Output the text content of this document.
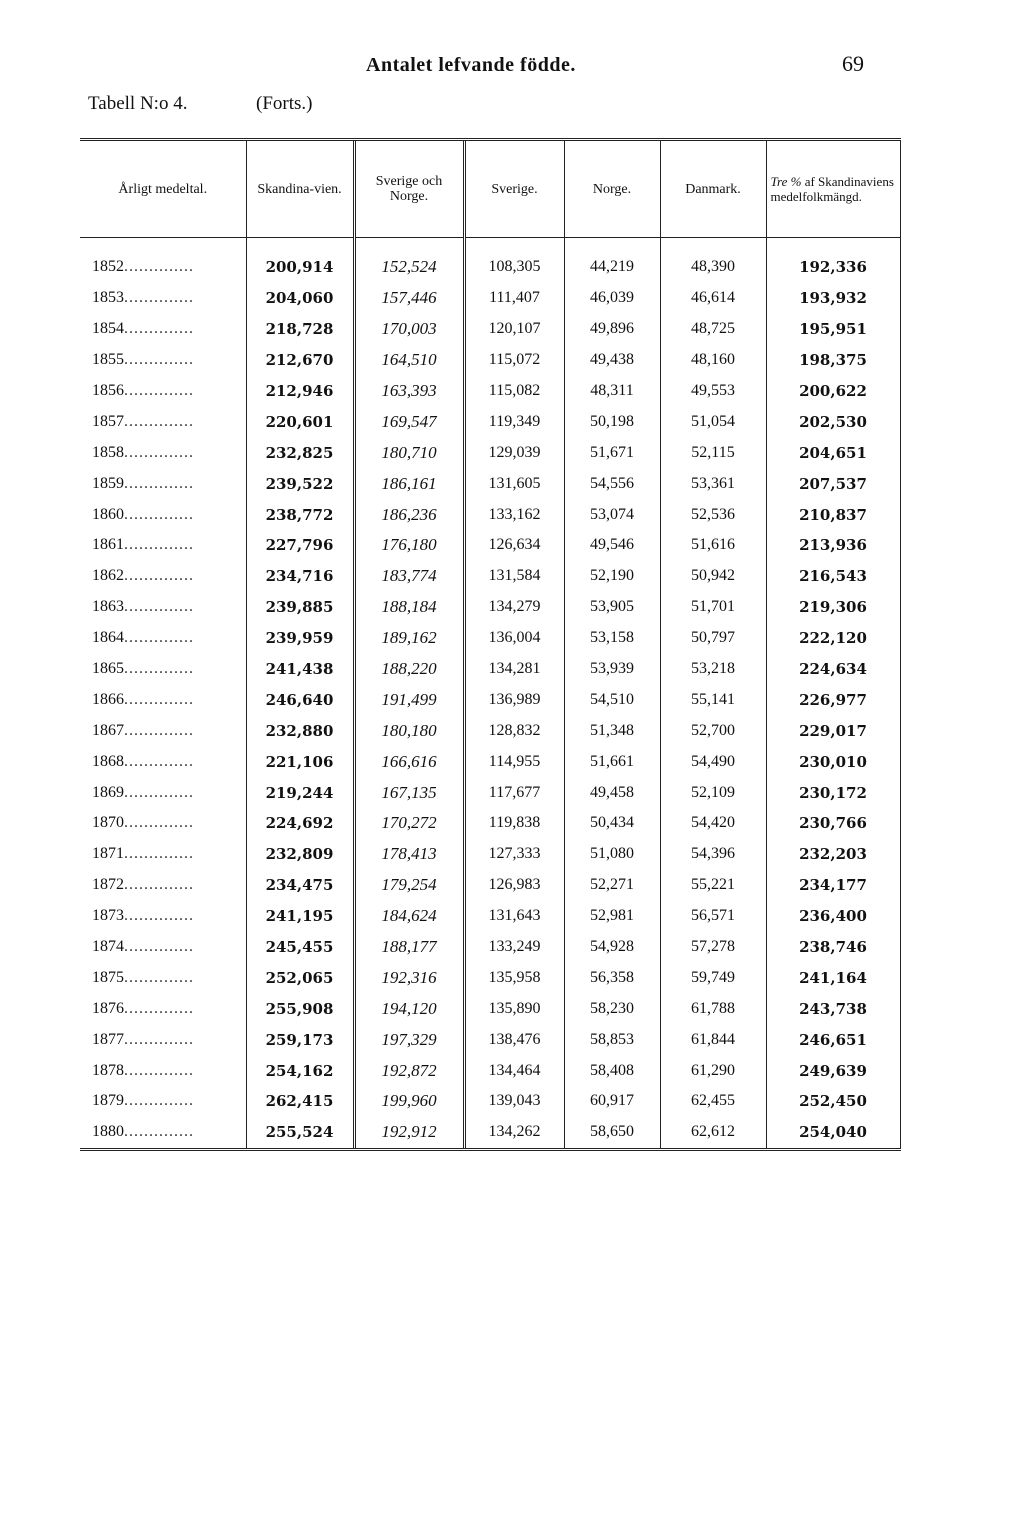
Antalet lefvande födde.	69
Tabell N:o 4.	(Forts.)
Årligt medeltal.	Skandina-vien.	Sverige och Norge.	Sverige.	Norge.	Danmark.	Tre % af Skandinaviens medelfolkmängd.

1852..............	200,914	152,524	108,305	44,219	48,390	192,336
1853..............	204,060	157,446	111,407	46,039	46,614	193,932
1854..............	218,728	170,003	120,107	49,896	48,725	195,951
1855..............	212,670	164,510	115,072	49,438	48,160	198,375
1856..............	212,946	163,393	115,082	48,311	49,553	200,622
1857..............	220,601	169,547	119,349	50,198	51,054	202,530
1858..............	232,825	180,710	129,039	51,671	52,115	204,651
1859..............	239,522	186,161	131,605	54,556	53,361	207,537
1860..............	238,772	186,236	133,162	53,074	52,536	210,837
1861..............	227,796	176,180	126,634	49,546	51,616	213,936
1862..............	234,716	183,774	131,584	52,190	50,942	216,543
1863..............	239,885	188,184	134,279	53,905	51,701	219,306
1864..............	239,959	189,162	136,004	53,158	50,797	222,120
1865..............	241,438	188,220	134,281	53,939	53,218	224,634
1866..............	246,640	191,499	136,989	54,510	55,141	226,977
1867..............	232,880	180,180	128,832	51,348	52,700	229,017
1868..............	221,106	166,616	114,955	51,661	54,490	230,010
1869..............	219,244	167,135	117,677	49,458	52,109	230,172
1870..............	224,692	170,272	119,838	50,434	54,420	230,766
1871..............	232,809	178,413	127,333	51,080	54,396	232,203
1872..............	234,475	179,254	126,983	52,271	55,221	234,177
1873..............	241,195	184,624	131,643	52,981	56,571	236,400
1874..............	245,455	188,177	133,249	54,928	57,278	238,746
1875..............	252,065	192,316	135,958	56,358	59,749	241,164
1876..............	255,908	194,120	135,890	58,230	61,788	243,738
1877..............	259,173	197,329	138,476	58,853	61,844	246,651
1878..............	254,162	192,872	134,464	58,408	61,290	249,639
1879..............	262,415	199,960	139,043	60,917	62,455	252,450
1880..............	255,524	192,912	134,262	58,650	62,612	254,040
